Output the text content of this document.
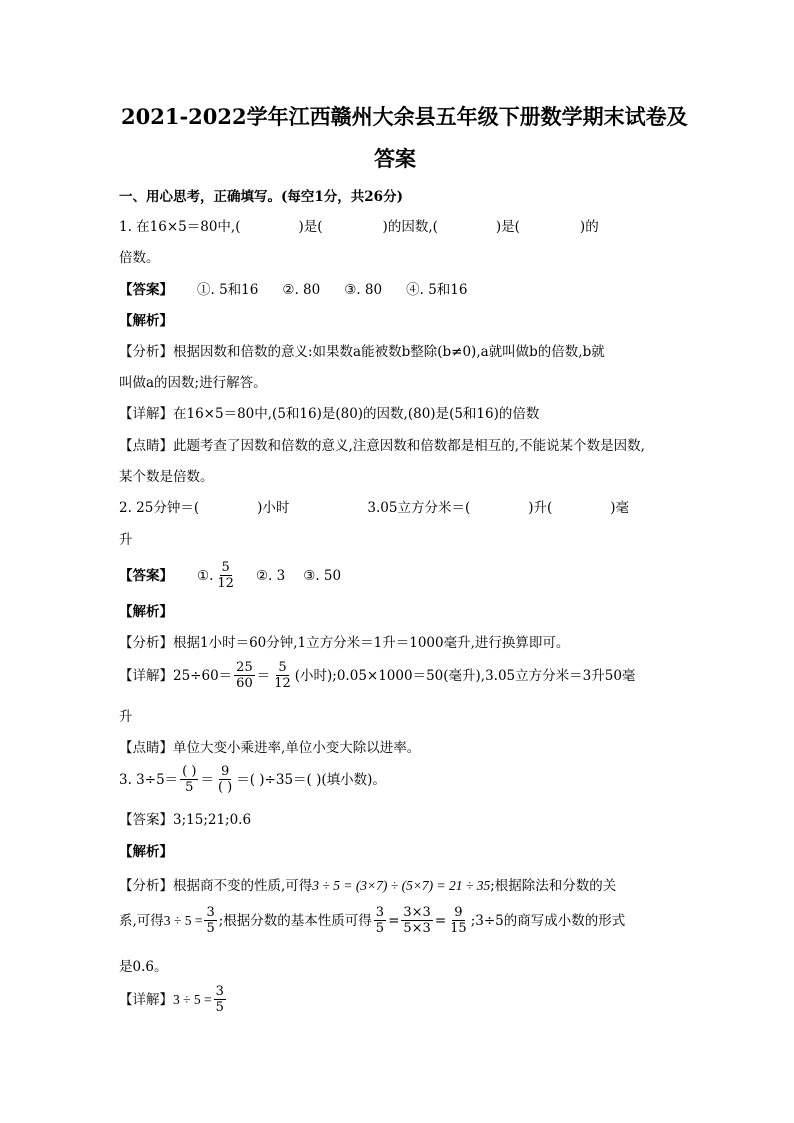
2021-2022学年江西赣州大余县五年级下册数学期末试卷及
答案
一、用心思考，正确填写。(每空1分，共26分)
1. 在16×5＝80中,(	)是(	)的因数,(	)是(	)的
倍数。
【答案】 ①. 5和16 ②. 80 ③. 80 ④. 5和16
【解析】
【分析】根据因数和倍数的意义:如果数a能被数b整除(b≠0),a就叫做b的倍数,b就
叫做a的因数;进行解答。
【详解】在16×5＝80中,(5和16)是(80)的因数,(80)是(5和16)的倍数
【点睛】此题考查了因数和倍数的意义,注意因数和倍数都是相互的,不能说某个数是因数,
某个数是倍数。
2. 25分钟＝(	)小时	3.05立方分米＝(	)升(	)毫
升
【答案】 ①. $\frac{5}{12}$ ②. 3 ③. 50
【解析】
【分析】根据1小时＝60分钟,1立方分米＝1升＝1000毫升,进行换算即可。
【详解】$25\div 60= \frac{25}{60} = \frac{5}{12}$ (小时);0.05×1000＝50(毫升),3.05立方分米＝3升50毫
升
【点睛】单位大变小乘进率,单位小变大除以进率。
3. $3\div 5= \frac{( )}{5} = \frac{9}{( )}$ ＝( )÷35＝( )(填小数)。
【答案】3;15;21;0.6
【解析】
【分析】根据商不变的性质,可得3 ÷ 5 = (3×7) ÷ (5×7) = 21 ÷ 35;根据除法和分数的关
系,可得 $3 \div 5 = \frac{3}{5}$ ;根据分数的基本性质可得 $\frac{3}{5} = \frac{3\times 3}{5\times 3} = \frac{9}{15}$ ;3÷5的商写成小数的形式
是0.6。
【详解】 $3 \div 5 = \frac{3}{5}$
